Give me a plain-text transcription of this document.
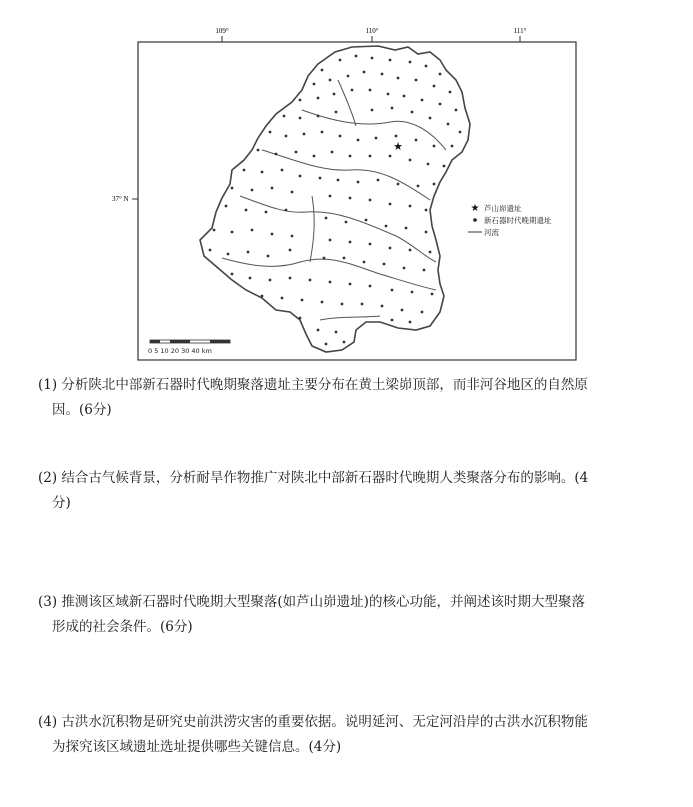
109°	110°	111°
37° N
★
★ 芦山峁遗址
新石器时代晚期遗址
河流
0 5 10 20 30 40 km
(1) 分析陕北中部新石器时代晚期聚落遗址主要分布在黄土梁峁顶部，而非河谷地区的自然原
因。(6分)
(2) 结合古气候背景，分析耐旱作物推广对陕北中部新石器时代晚期人类聚落分布的影响。(4
分)
(3) 推测该区域新石器时代晚期大型聚落(如芦山峁遗址)的核心功能，并阐述该时期大型聚落
形成的社会条件。(6分)
(4) 古洪水沉积物是研究史前洪涝灾害的重要依据。说明延河、无定河沿岸的古洪水沉积物能
为探究该区域遗址选址提供哪些关键信息。(4分)
